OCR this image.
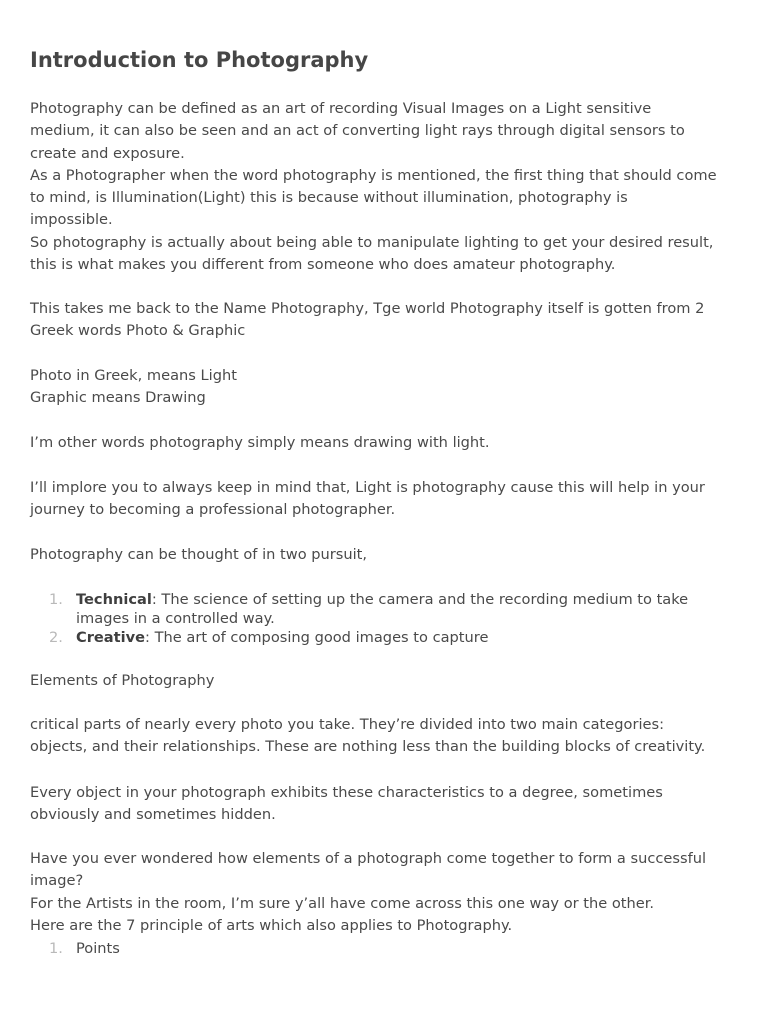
Introduction to Photography

Photography can be defined as an art of recording Visual Images on a Light sensitive
medium, it can also be seen and an act of converting light rays through digital sensors to
create and exposure.
As a Photographer when the word photography is mentioned, the first thing that should come
to mind, is Illumination(Light) this is because without illumination, photography is
impossible.
So photography is actually about being able to manipulate lighting to get your desired result,
this is what makes you different from someone who does amateur photography.

This takes me back to the Name Photography, Tge world Photography itself is gotten from 2
Greek words Photo & Graphic

Photo in Greek, means Light
Graphic means Drawing

I’m other words photography simply means drawing with light.

I’ll implore you to always keep in mind that, Light is photography cause this will help in your
journey to becoming a professional photographer.

Photography can be thought of in two pursuit,

1. Technical: The science of setting up the camera and the recording medium to take
images in a controlled way.
2. Creative: The art of composing good images to capture

Elements of Photography

critical parts of nearly every photo you take. They’re divided into two main categories:
objects, and their relationships. These are nothing less than the building blocks of creativity.

Every object in your photograph exhibits these characteristics to a degree, sometimes
obviously and sometimes hidden.

Have you ever wondered how elements of a photograph come together to form a successful
image?
For the Artists in the room, I’m sure y’all have come across this one way or the other.
Here are the 7 principle of arts which also applies to Photography.

1. Points
